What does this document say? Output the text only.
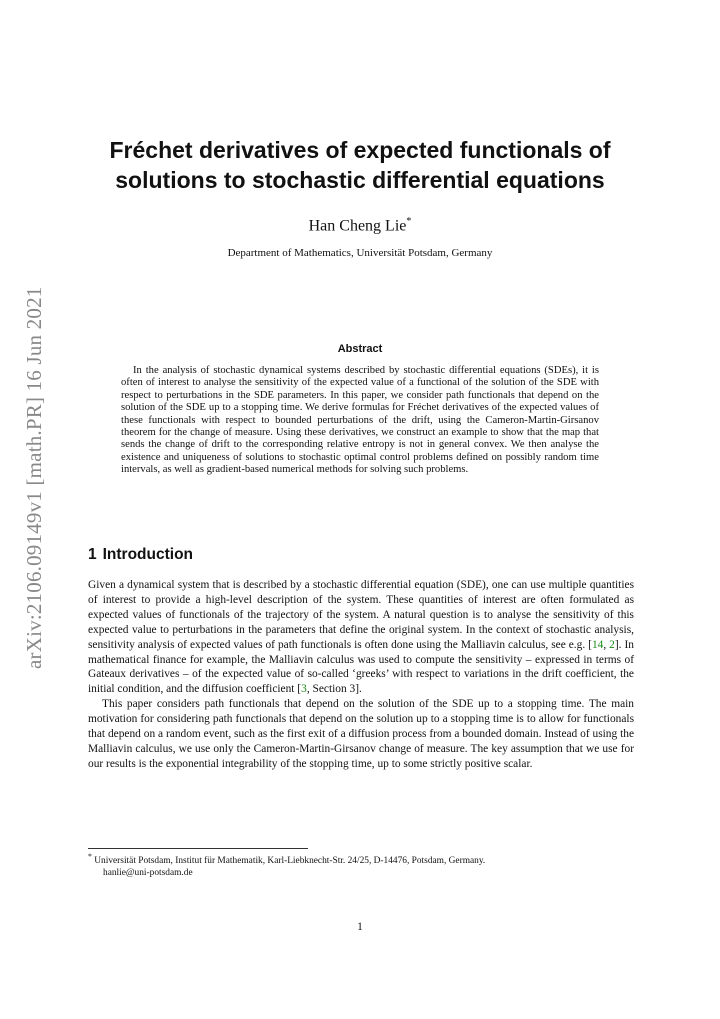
arXiv:2106.09149v1 [math.PR] 16 Jun 2021
Fréchet derivatives of expected functionals of solutions to stochastic differential equations
Han Cheng Lie*
Department of Mathematics, Universität Potsdam, Germany
Abstract
In the analysis of stochastic dynamical systems described by stochastic differential equations (SDEs), it is often of interest to analyse the sensitivity of the expected value of a functional of the solution of the SDE with respect to perturbations in the SDE parameters. In this paper, we consider path functionals that depend on the solution of the SDE up to a stopping time. We derive formulas for Fréchet derivatives of the expected values of these functionals with respect to bounded perturbations of the drift, using the Cameron-Martin-Girsanov theorem for the change of measure. Using these derivatives, we construct an example to show that the map that sends the change of drift to the corresponding relative entropy is not in general convex. We then analyse the existence and uniqueness of solutions to stochastic optimal control problems defined on possibly random time intervals, as well as gradient-based numerical methods for solving such problems.
1 Introduction

Given a dynamical system that is described by a stochastic differential equation (SDE), one can use multiple quantities of interest to provide a high-level description of the system. These quantities of interest are often formulated as expected values of functionals of the trajectory of the system. A natural question is to analyse the sensitivity of this expected value to perturbations in the parameters that define the original system. In the context of stochastic analysis, sensitivity analysis of expected values of path functionals is often done using the Malliavin calculus, see e.g. [14, 2]. In mathematical finance for example, the Malliavin calculus was used to compute the sensitivity – expressed in terms of Gateaux derivatives – of the expected value of so-called ‘greeks’ with respect to variations in the drift coefficient, the initial condition, and the diffusion coefficient [3, Section 3].

This paper considers path functionals that depend on the solution of the SDE up to a stopping time. The main motivation for considering path functionals that depend on the solution up to a stopping time is to allow for functionals that depend on a random event, such as the first exit of a diffusion process from a bounded domain. Instead of using the Malliavin calculus, we use only the Cameron-Martin-Girsanov change of measure. The key assumption that we use for our results is the exponential integrability of the stopping time, up to some strictly positive scalar.

* Universität Potsdam, Institut für Mathematik, Karl-Liebknecht-Str. 24/25, D-14476, Potsdam, Germany.
hanlie@uni-potsdam.de
1
